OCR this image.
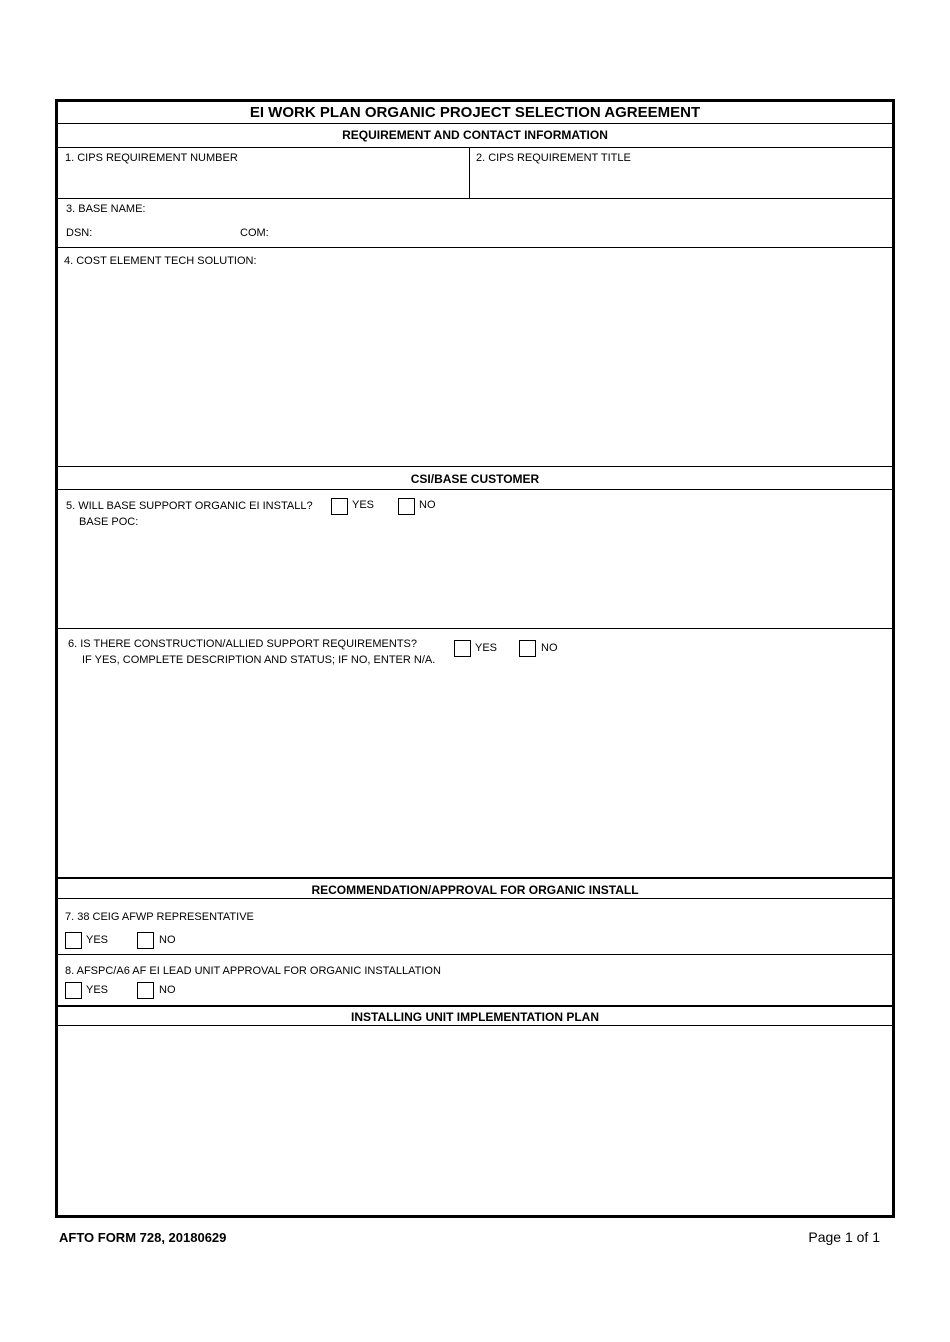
EI WORK PLAN ORGANIC PROJECT SELECTION AGREEMENT
REQUIREMENT AND CONTACT INFORMATION
1. CIPS REQUIREMENT NUMBER	2. CIPS REQUIREMENT TITLE
3. BASE NAME:
DSN:	COM:
4. COST ELEMENT TECH SOLUTION:
CSI/BASE CUSTOMER
5. WILL BASE SUPPORT ORGANIC EI INSTALL?	YES	NO
BASE POC:
6. IS THERE CONSTRUCTION/ALLIED SUPPORT REQUIREMENTS?
IF YES, COMPLETE DESCRIPTION AND STATUS; IF NO, ENTER N/A.
YES	NO
RECOMMENDATION/APPROVAL FOR ORGANIC INSTALL
7. 38 CEIG AFWP REPRESENTATIVE
YES	NO
8. AFSPC/A6 AF EI LEAD UNIT APPROVAL FOR ORGANIC INSTALLATION
YES	NO
INSTALLING UNIT IMPLEMENTATION PLAN
AFTO FORM 728, 20180629	Page 1 of 1
